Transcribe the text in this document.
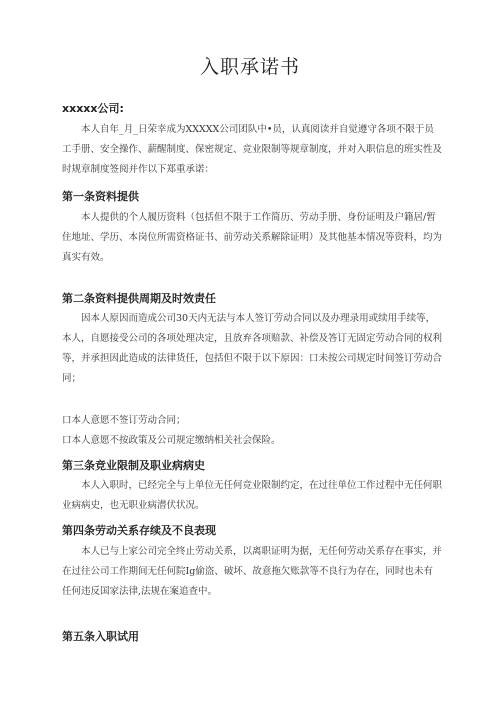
入职承诺书
xxxxx公司:

本人自年_月_日荣幸成为XXXXX公司团队中•员，认真阅读并自觉遵守各项不限于员工手册、安全操作、薪醒制度、保密规定、竞业限制等规章制度，并对入职信息的班实性及时规章制度签阅并作以下郑重承诺：

第一条资料提供

本人提供的个人履历资料（包括但不限于工作简历、劳动手册、身份证明及户籍居/暂住地址、学历、本岗位所需资格证书、前劳动关系解除证明）及其他基本情况等资料，均为真实有效。

第二条资料提供周期及时效责任

因本人原因而造成公司30天内无法与本人签订劳动合同以及办理录用或续用手续等，本人，自愿接受公司的各项处理决定，且放弃各项赔款、补偿及答订无固定劳动合同的权利等，并承担因此造成的法律货任，包括但不限于以下原因：口未按公司规定时间签订劳动合同；

口本人意愿不签订劳动合同；
口本人意愿不按政策及公司规定缴纳相关社会保险。
第三条竞业限制及职业病病史

本人入职时，已经完全与上单位无任何竞业限制约定，在过往单位工作过程中无任何职业病病史，也无职业病潜伏状况。

第四条劳动关系存续及不良表现

本人已与上家公司完全终止劳动关系，以离职证明为据，无任何劳动关系存在事实，并在过往公司工作期间无任何院Ig偷盗、破坏、故意拖欠账款等不良行为存在，同时也未有任何违反国家法律,法规在案追查中。

第五条入职试用
